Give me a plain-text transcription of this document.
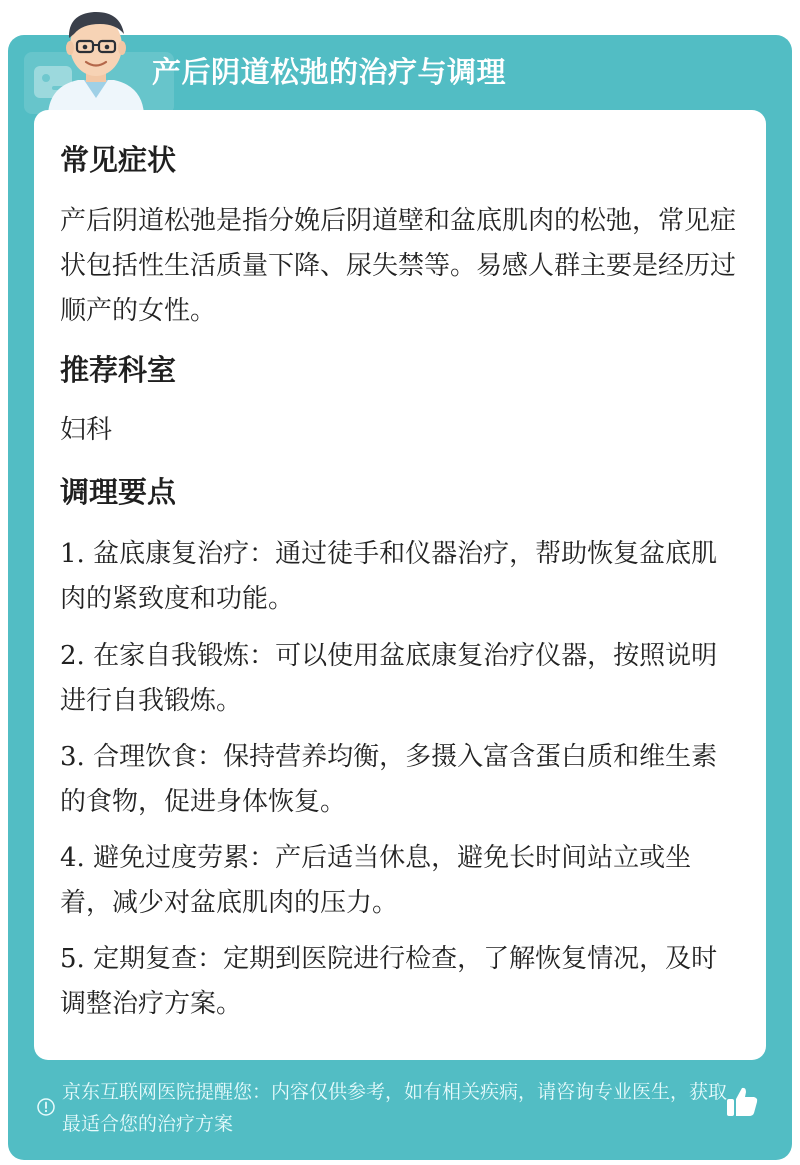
产后阴道松弛的治疗与调理
常见症状
产后阴道松弛是指分娩后阴道壁和盆底肌肉的松弛，常见症状包括性生活质量下降、尿失禁等。易感人群主要是经历过顺产的女性。
推荐科室
妇科
调理要点
1. 盆底康复治疗：通过徒手和仪器治疗，帮助恢复盆底肌肉的紧致度和功能。
2. 在家自我锻炼：可以使用盆底康复治疗仪器，按照说明进行自我锻炼。
3. 合理饮食：保持营养均衡，多摄入富含蛋白质和维生素的食物，促进身体恢复。
4. 避免过度劳累：产后适当休息，避免长时间站立或坐着，减少对盆底肌肉的压力。
5. 定期复查：定期到医院进行检查，了解恢复情况，及时调整治疗方案。
京东互联网医院提醒您：内容仅供参考，如有相关疾病，请咨询专业医生，获取最适合您的治疗方案
